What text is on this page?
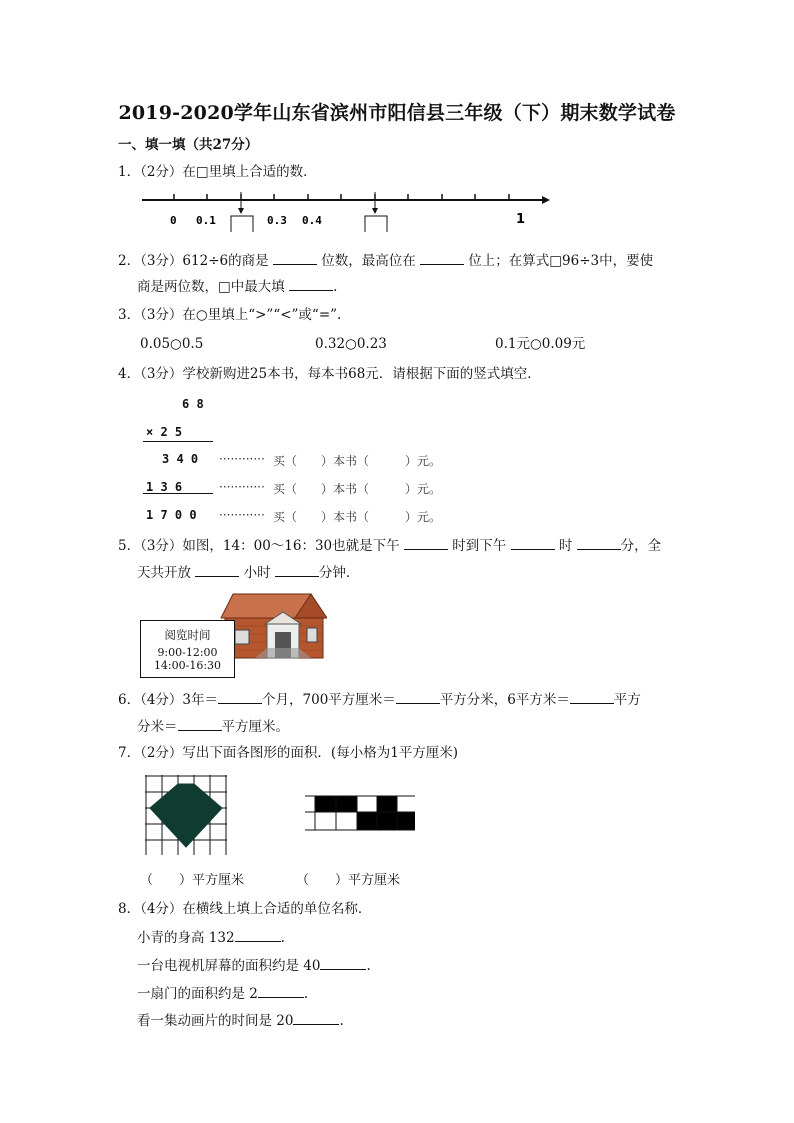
2019-2020学年山东省滨州市阳信县三年级（下）期末数学试卷
一、填一填（共27分）
1．（2分）在□里填上合适的数．
0 0.1	0.3 0.4	1
2．（3分）612÷6的商是	位数，最高位在	位上；在算式□96÷3中，要使
商是两位数，□中最大填	.
3．（3分）在○里填上“>”“<”或“=”.
0.05○0.5	0.32○0.23	0.1元○0.09元
4．（3分）学校新购进25本书，每本书68元．请根据下面的竖式填空．
6 8
× 2 5
3 4 0 ············ 买（　　）本书（　　　）元。
1 3 6	············ 买（　　）本书（　　　）元。
1 7 0 0 ············ 买（　　）本书（　　　）元。
5．（3分）如图，14：00～16：30也就是下午	时到下午	时	分，全
天共开放	小时	分钟．
阅览时间
9:00-12:00
14:00-16:30
6．（4分）3年＝	个月，700平方厘米＝	平方分米，6平方米＝	平方
分米＝	平方厘米。
7．（2分）写出下面各图形的面积．(每小格为1平方厘米)
（　　）平方厘米	（　　）平方厘米
8．（4分）在横线上填上合适的单位名称．
小青的身高 132	.
一台电视机屏幕的面积约是 40	.
一扇门的面积约是 2	.
看一集动画片的时间是 20	.
